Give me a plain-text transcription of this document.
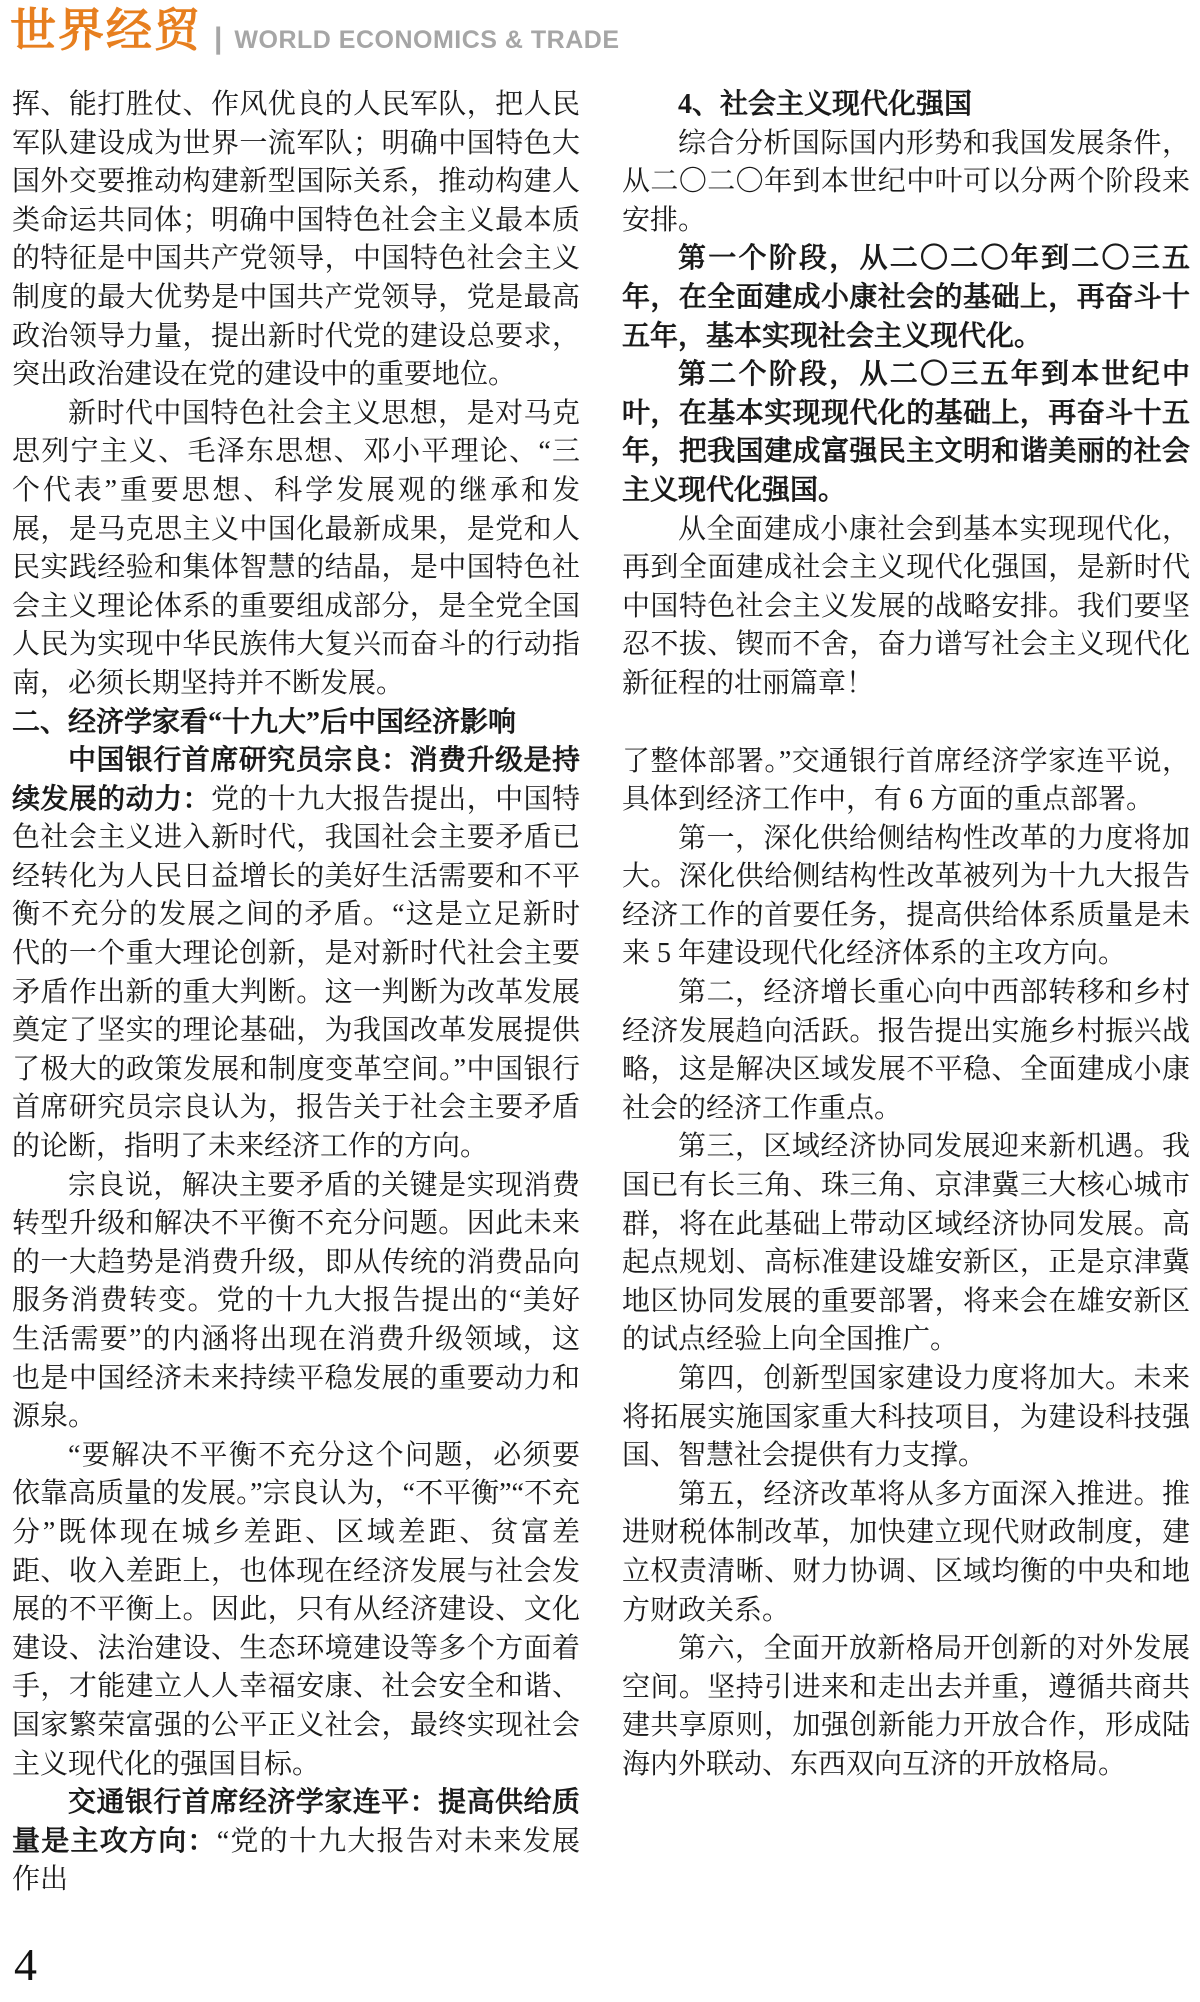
世界经贸 | WORLD ECONOMICS & TRADE

挥、能打胜仗、作风优良的人民军队，把人民军队建设成为世界一流军队；明确中国特色大国外交要推动构建新型国际关系，推动构建人类命运共同体；明确中国特色社会主义最本质的特征是中国共产党领导，中国特色社会主义制度的最大优势是中国共产党领导，党是最高政治领导力量，提出新时代党的建设总要求，突出政治建设在党的建设中的重要地位。

新时代中国特色社会主义思想，是对马克思列宁主义、毛泽东思想、邓小平理论、“三个代表”重要思想、科学发展观的继承和发展，是马克思主义中国化最新成果，是党和人民实践经验和集体智慧的结晶，是中国特色社会主义理论体系的重要组成部分，是全党全国人民为实现中华民族伟大复兴而奋斗的行动指南，必须长期坚持并不断发展。

二、经济学家看“十九大”后中国经济影响

中国银行首席研究员宗良：消费升级是持续发展的动力：党的十九大报告提出，中国特色社会主义进入新时代，我国社会主要矛盾已经转化为人民日益增长的美好生活需要和不平衡不充分的发展之间的矛盾。“这是立足新时代的一个重大理论创新，是对新时代社会主要矛盾作出新的重大判断。这一判断为改革发展奠定了坚实的理论基础，为我国改革发展提供了极大的政策发展和制度变革空间。”中国银行首席研究员宗良认为，报告关于社会主要矛盾的论断，指明了未来经济工作的方向。

宗良说，解决主要矛盾的关键是实现消费转型升级和解决不平衡不充分问题。因此未来的一大趋势是消费升级，即从传统的消费品向服务消费转变。党的十九大报告提出的“美好生活需要”的内涵将出现在消费升级领域，这也是中国经济未来持续平稳发展的重要动力和源泉。

“要解决不平衡不充分这个问题，必须要依靠高质量的发展。”宗良认为，“不平衡”“不充分”既体现在城乡差距、区域差距、贫富差距、收入差距上，也体现在经济发展与社会发展的不平衡上。因此，只有从经济建设、文化建设、法治建设、生态环境建设等多个方面着手，才能建立人人幸福安康、社会安全和谐、国家繁荣富强的公平正义社会，最终实现社会主义现代化的强国目标。

交通银行首席经济学家连平：提高供给质量是主攻方向：“党的十九大报告对未来发展作出

4、社会主义现代化强国

综合分析国际国内形势和我国发展条件，从二〇二〇年到本世纪中叶可以分两个阶段来安排。

第一个阶段，从二〇二〇年到二〇三五年，在全面建成小康社会的基础上，再奋斗十五年，基本实现社会主义现代化。

第二个阶段，从二〇三五年到本世纪中叶，在基本实现现代化的基础上，再奋斗十五年，把我国建成富强民主文明和谐美丽的社会主义现代化强国。

从全面建成小康社会到基本实现现代化，再到全面建成社会主义现代化强国，是新时代中国特色社会主义发展的战略安排。我们要坚忍不拔、锲而不舍，奋力谱写社会主义现代化新征程的壮丽篇章！

了整体部署。”交通银行首席经济学家连平说，具体到经济工作中，有 6 方面的重点部署。

第一，深化供给侧结构性改革的力度将加大。深化供给侧结构性改革被列为十九大报告经济工作的首要任务，提高供给体系质量是未来 5 年建设现代化经济体系的主攻方向。

第二，经济增长重心向中西部转移和乡村经济发展趋向活跃。报告提出实施乡村振兴战略，这是解决区域发展不平稳、全面建成小康社会的经济工作重点。

第三，区域经济协同发展迎来新机遇。我国已有长三角、珠三角、京津冀三大核心城市群，将在此基础上带动区域经济协同发展。高起点规划、高标准建设雄安新区，正是京津冀地区协同发展的重要部署，将来会在雄安新区的试点经验上向全国推广。

第四，创新型国家建设力度将加大。未来将拓展实施国家重大科技项目，为建设科技强国、智慧社会提供有力支撑。

第五，经济改革将从多方面深入推进。推进财税体制改革，加快建立现代财政制度，建立权责清晰、财力协调、区域均衡的中央和地方财政关系。

第六，全面开放新格局开创新的对外发展空间。坚持引进来和走出去并重，遵循共商共建共享原则，加强创新能力开放合作，形成陆海内外联动、东西双向互济的开放格局。

4
